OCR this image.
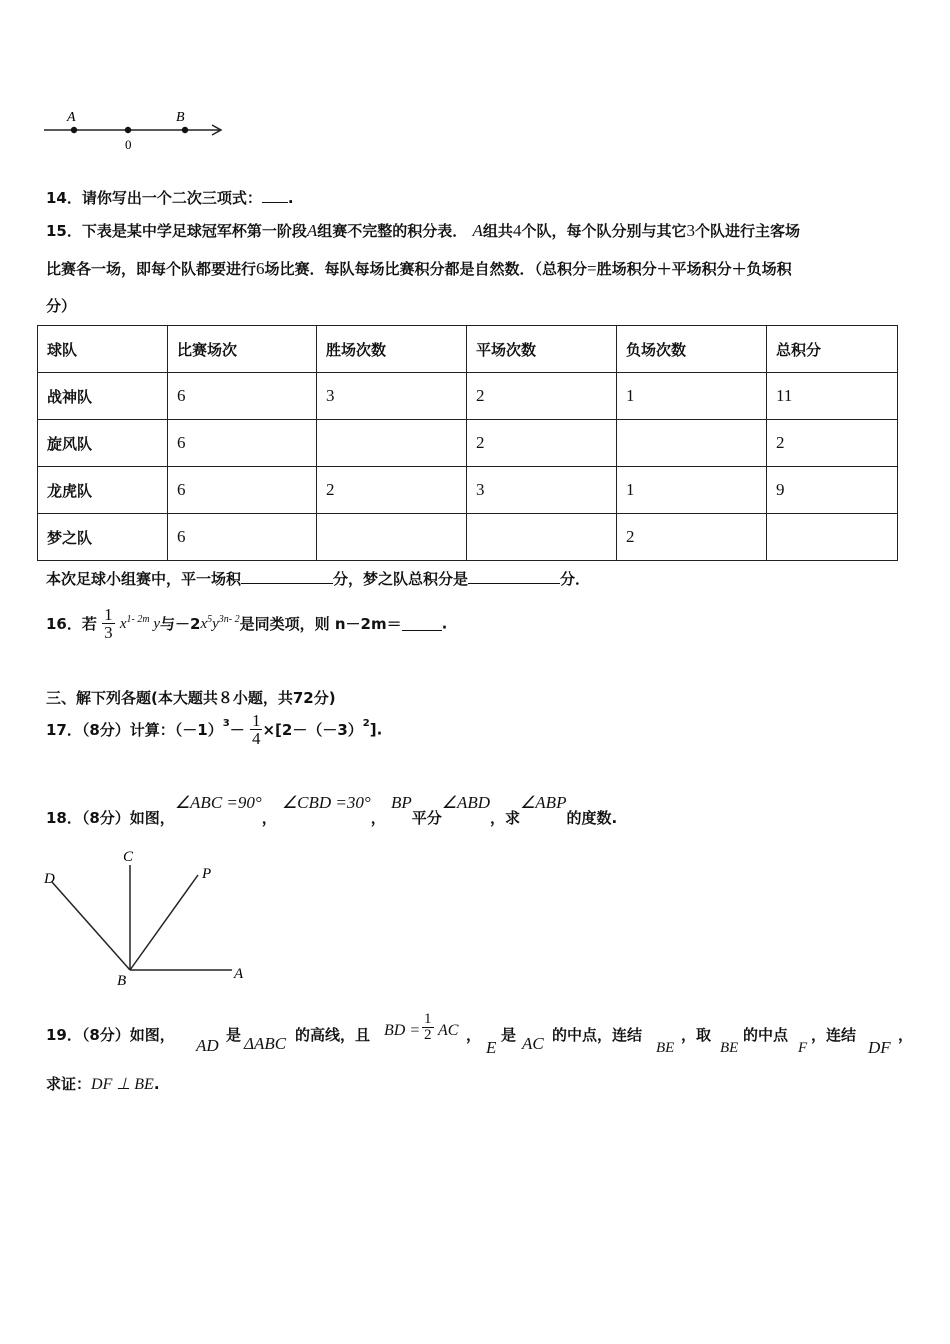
A	B
0
14．请你写出一个二次三项式： .
15．下表是某中学足球冠军杯第一阶段A组赛不完整的积分表． A组共4个队，每个队分别与其它3个队进行主客场
比赛各一场，即每个队都要进行6场比赛．每队每场比赛积分都是自然数．（总积分=胜场积分＋平场积分＋负场积
分）
球队	比赛场次	胜场次数	平场次数	负场次数	总积分
战神队	6	3	2	1	11
旋风队	6		2		2
龙虎队	6	2	3	1	9
梦之队	6			2	
本次足球小组赛中，平一场积	分，梦之队总积分是	分．
16．若 $\frac{1}{3} x^{1- 2m}$ y与$-2x^5y^{3n- 2}$是同类项，则 n－2m＝	.
三、解下列各题(本大题共８小题，共72分)
17．（8分）计算：$(-1)^3- \frac{1}{4} \times[2-(-3)^2]$.
18．（8分）如图，∠ABC =90°， ∠CBD =30°， BP平分∠ABD，求∠ABP的度数.
D
C
P
B	A
19．（8分）如图，
AD
是 ΔABC 的高线，且 BD = $\frac{1}{2}$ AC ，
E
是 AC 的中点，连结
BE
，取
BE
的中点
F
，连结
DF
，
求证：DF ⊥ BE.
